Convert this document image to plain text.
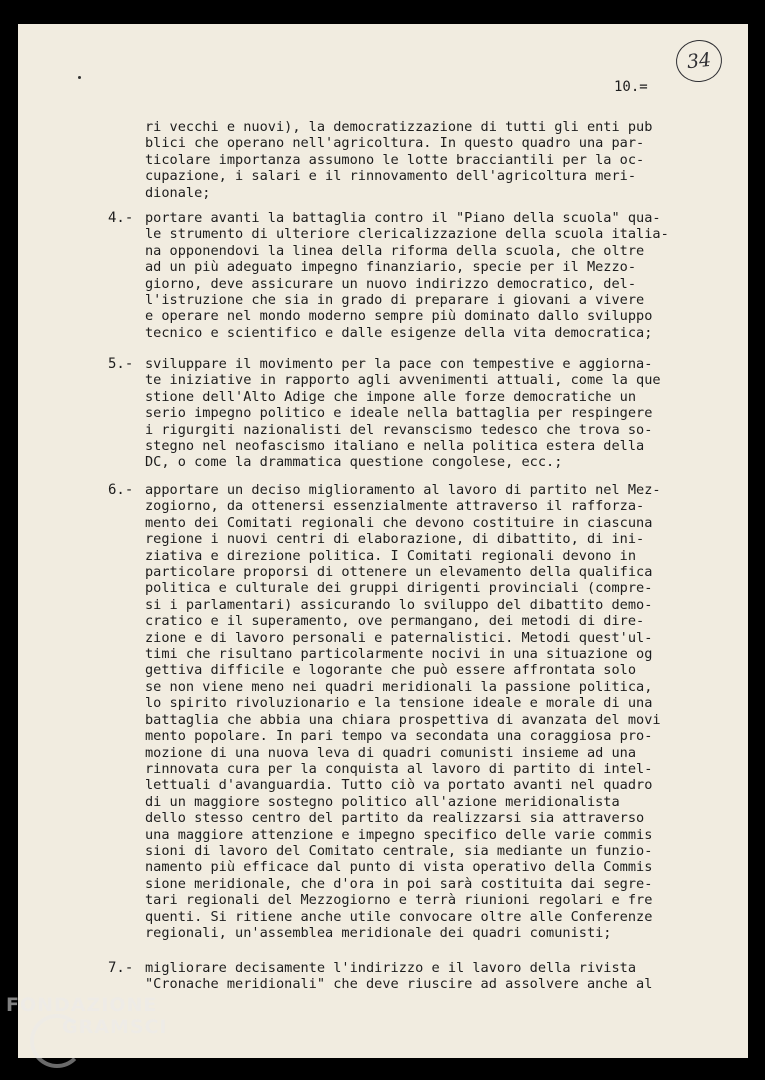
34
10.=
ri vecchi e nuovi), la democratizzazione di tutti gli enti pub
blici che operano nell'agricoltura. In questo quadro una par-
ticolare importanza assumono le lotte bracciantili per la oc-
cupazione, i salari e il rinnovamento dell'agricoltura meri-
dionale;
4.- portare avanti la battaglia contro il "Piano della scuola" qua-
le strumento di ulteriore clericalizzazione della scuola italia-
na opponendovi la linea della riforma della scuola, che oltre
ad un più adeguato impegno finanziario, specie per il Mezzo-
giorno, deve assicurare un nuovo indirizzo democratico, del-
l'istruzione che sia in grado di preparare i giovani a vivere
e operare nel mondo moderno sempre più dominato dallo sviluppo
tecnico e scientifico e dalle esigenze della vita democratica;
5.- sviluppare il movimento per la pace con tempestive e aggiorna-
te iniziative in rapporto agli avvenimenti attuali, come la que
stione dell'Alto Adige che impone alle forze democratiche un
serio impegno politico e ideale nella battaglia per respingere
i rigurgiti nazionalisti del revanscismo tedesco che trova so-
stegno nel neofascismo italiano e nella politica estera della
DC, o come la drammatica questione congolese, ecc.;
6.- apportare un deciso miglioramento al lavoro di partito nel Mez-
zogiorno, da ottenersi essenzialmente attraverso il rafforza-
mento dei Comitati regionali che devono costituire in ciascuna
regione i nuovi centri di elaborazione, di dibattito, di ini-
ziativa e direzione politica. I Comitati regionali devono in
particolare proporsi di ottenere un elevamento della qualifica
politica e culturale dei gruppi dirigenti provinciali (compre-
si i parlamentari) assicurando lo sviluppo del dibattito demo-
cratico e il superamento, ove permangano, dei metodi di dire-
zione e di lavoro personali e paternalistici. Metodi quest'ul-
timi che risultano particolarmente nocivi in una situazione og
gettiva difficile e logorante che può essere affrontata solo
se non viene meno nei quadri meridionali la passione politica,
lo spirito rivoluzionario e la tensione ideale e morale di una
battaglia che abbia una chiara prospettiva di avanzata del movi
mento popolare. In pari tempo va secondata una coraggiosa pro-
mozione di una nuova leva di quadri comunisti insieme ad una
rinnovata cura per la conquista al lavoro di partito di intel-
lettuali d'avanguardia. Tutto ciò va portato avanti nel quadro
di un maggiore sostegno politico all'azione meridionalista
dello stesso centro del partito da realizzarsi sia attraverso
una maggiore attenzione e impegno specifico delle varie commis
sioni di lavoro del Comitato centrale, sia mediante un funzio-
namento più efficace dal punto di vista operativo della Commis
sione meridionale, che d'ora in poi sarà costituita dai segre-
tari regionali del Mezzogiorno e terrà riunioni regolari e fre
quenti. Si ritiene anche utile convocare oltre alle Conferenze
regionali, un'assemblea meridionale dei quadri comunisti;
7.- migliorare decisamente l'indirizzo e il lavoro della rivista
"Cronache meridionali" che deve riuscire ad assolvere anche al
FONDAZIONE
GRAMSCI
